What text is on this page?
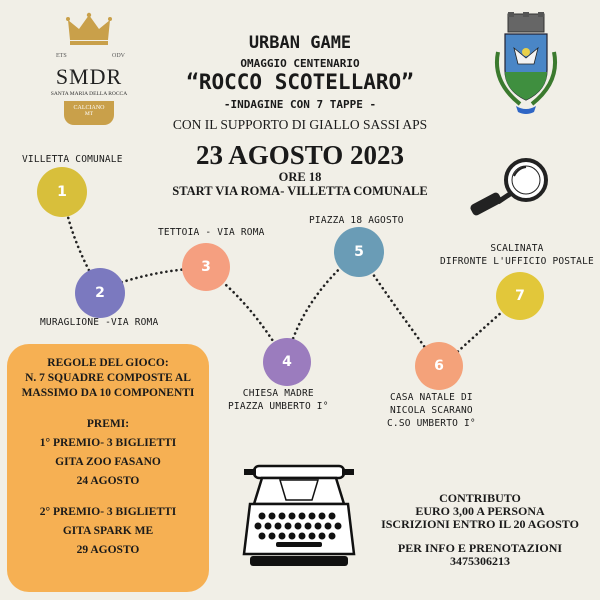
ETS	ODV
SMDR
SANTA MARIA DELLA ROCCA
CALCIANO
MT
URBAN GAME
OMAGGIO CENTENARIO
“ROCCO SCOTELLARO”
-INDAGINE CON 7 TAPPE -
CON IL SUPPORTO DI GIALLO SASSI APS
23 AGOSTO 2023
ORE 18
START VIA ROMA- VILLETTA COMUNALE
1
2
3
4
5
6
7
VILLETTA COMUNALE
MURAGLIONE -VIA ROMA
TETTOIA - VIA ROMA
CHIESA MADRE
PIAZZA UMBERTO I°
PIAZZA 18 AGOSTO
CASA NATALE DI
NICOLA SCARANO
C.SO UMBERTO I°
SCALINATA
DIFRONTE L'UFFICIO POSTALE
REGOLE DEL GIOCO:
N. 7 SQUADRE COMPOSTE AL
MASSIMO DA 10 COMPONENTI
PREMI:
1° PREMIO- 3 BIGLIETTI
GITA ZOO FASANO
24 AGOSTO
2° PREMIO- 3 BIGLIETTI
GITA SPARK ME
29 AGOSTO
CONTRIBUTO
EURO 3,00 A PERSONA
ISCRIZIONI ENTRO IL 20 AGOSTO
PER INFO E PRENOTAZIONI
3475306213
